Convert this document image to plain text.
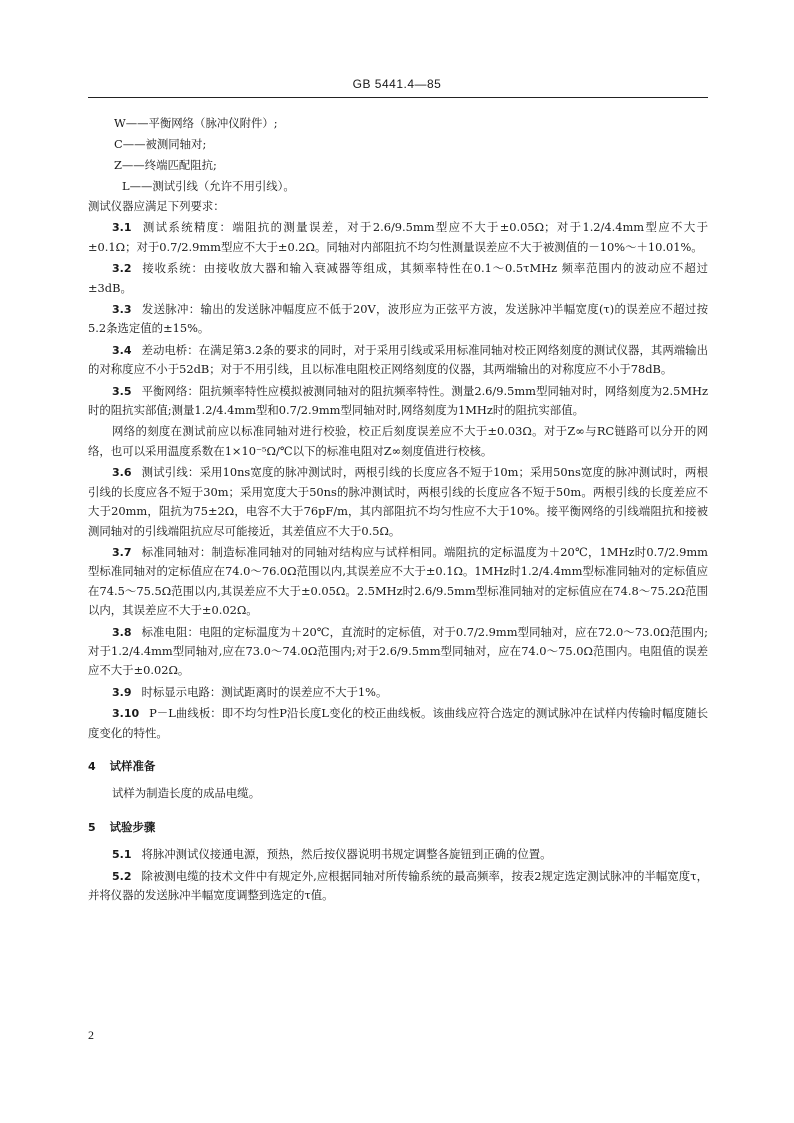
GB 5441.4—85

W——平衡网络（脉冲仪附件）;

C——被测同轴对;

Z——终端匹配阻抗;

L——测试引线（允许不用引线）。

测试仪器应满足下列要求：

3.1 测试系统精度：端阻抗的测量误差，对于2.6/9.5mm型应不大于±0.05Ω；对于1.2/4.4mm型应不大于±0.1Ω；对于0.7/2.9mm型应不大于±0.2Ω。同轴对内部阻抗不均匀性测量误差应不大于被测值的－10%～＋10.01%。

3.2 接收系统：由接收放大器和输入衰减器等组成，其频率特性在0.1～0.5τMHz 频率范围内的波动应不超过±3dB。

3.3 发送脉冲：输出的发送脉冲幅度应不低于20V，波形应为正弦平方波，发送脉冲半幅宽度(τ)的误差应不超过按5.2条选定值的±15%。

3.4 差动电桥：在满足第3.2条的要求的同时，对于采用引线或采用标准同轴对校正网络刻度的测试仪器，其两端输出的对称度应不小于52dB；对于不用引线，且以标准电阻校正网络刻度的仪器，其两端输出的对称度应不小于78dB。

3.5 平衡网络：阻抗频率特性应模拟被测同轴对的阻抗频率特性。测量2.6/9.5mm型同轴对时，网络刻度为2.5MHz时的阻抗实部值;测量1.2/4.4mm型和0.7/2.9mm型同轴对时,网络刻度为1MHz时的阻抗实部值。

网络的刻度在测试前应以标准同轴对进行校验，校正后刻度误差应不大于±0.03Ω。对于Z∞与RC链路可以分开的网络，也可以采用温度系数在1×10⁻⁵Ω/℃以下的标准电阻对Z∞刻度值进行校核。

3.6 测试引线：采用10ns宽度的脉冲测试时，两根引线的长度应各不短于10m；采用50ns宽度的脉冲测试时，两根引线的长度应各不短于30m；采用宽度大于50ns的脉冲测试时，两根引线的长度应各不短于50m。两根引线的长度差应不大于20mm，阻抗为75±2Ω，电容不大于76pF/m，其内部阻抗不均匀性应不大于10%。接平衡网络的引线端阻抗和接被测同轴对的引线端阻抗应尽可能接近，其差值应不大于0.5Ω。

3.7 标准同轴对：制造标准同轴对的同轴对结构应与试样相同。端阻抗的定标温度为＋20℃，1MHz时0.7/2.9mm型标准同轴对的定标值应在74.0～76.0Ω范围以内,其误差应不大于±0.1Ω。1MHz时1.2/4.4mm型标准同轴对的定标值应在74.5～75.5Ω范围以内,其误差应不大于±0.05Ω。2.5MHz时2.6/9.5mm型标准同轴对的定标值应在74.8～75.2Ω范围以内，其误差应不大于±0.02Ω。

3.8 标准电阻：电阻的定标温度为＋20℃，直流时的定标值，对于0.7/2.9mm型同轴对，应在72.0～73.0Ω范围内;对于1.2/4.4mm型同轴对,应在73.0～74.0Ω范围内;对于2.6/9.5mm型同轴对，应在74.0～75.0Ω范围内。电阻值的误差应不大于±0.02Ω。

3.9 时标显示电路：测试距离时的误差应不大于1%。

3.10 P－L曲线板：即不均匀性P沿长度L变化的校正曲线板。该曲线应符合选定的测试脉冲在试样内传输时幅度随长度变化的特性。

4 试样准备

试样为制造长度的成品电缆。

5 试验步骤

5.1 将脉冲测试仪接通电源，预热，然后按仪器说明书规定调整各旋钮到正确的位置。

5.2 除被测电缆的技术文件中有规定外,应根据同轴对所传输系统的最高频率，按表2规定选定测试脉冲的半幅宽度τ，并将仪器的发送脉冲半幅宽度调整到选定的τ值。

2
